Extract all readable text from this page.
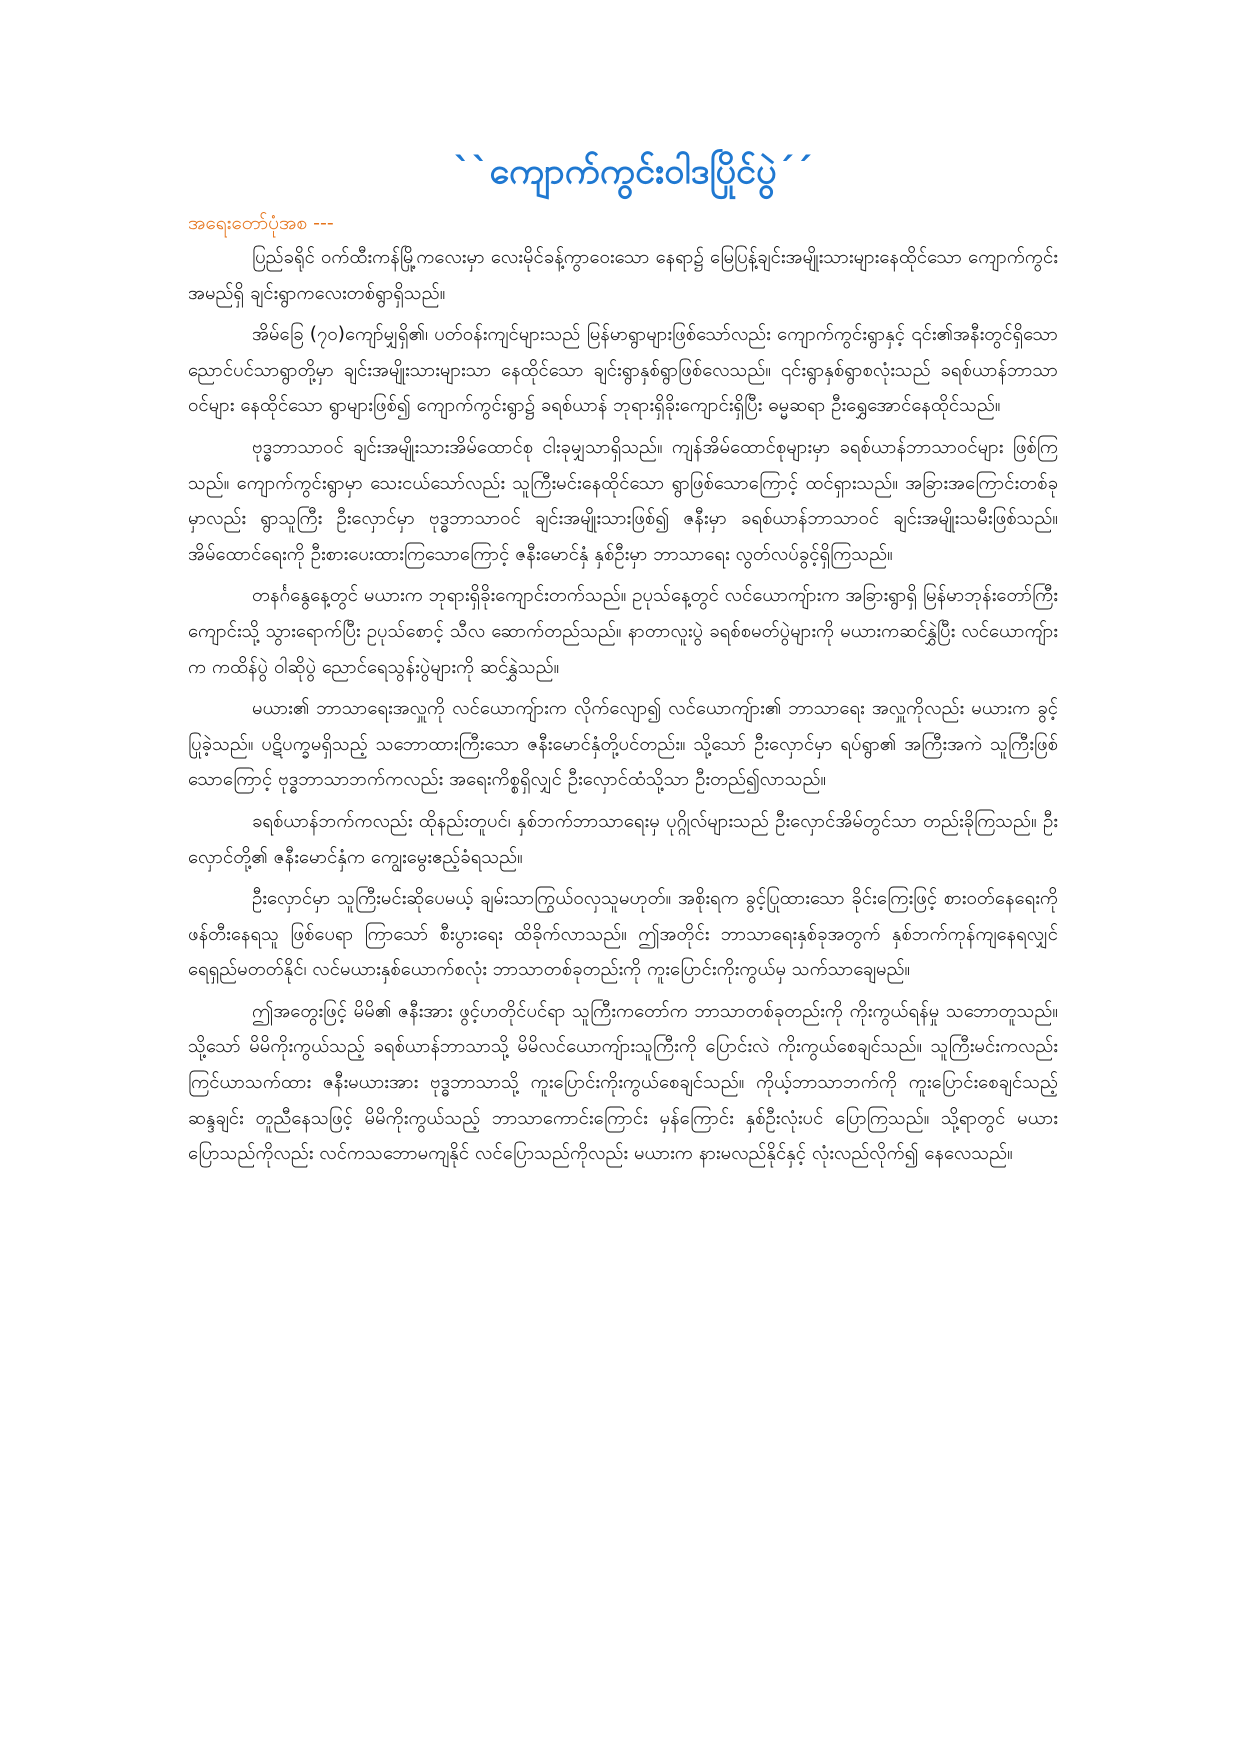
``ကျောက်ကွင်းဝါဒပြိုင်ပွဲ´´
အရေးတော်ပုံအစ ---

ပြည်ခရိုင် ဝက်ထီးကန်မြို့ကလေးမှာ လေးမိုင်ခန့်ကွာဝေးသော နေရာ၌ မြေပြန့်ချင်းအမျိုးသားများနေထိုင်သော ကျောက်ကွင်းအမည်ရှိ ချင်းရွာကလေးတစ်ရွာရှိသည်။

အိမ်ခြေ (၇၀)ကျော်မျှရှိ၏၊ ပတ်ဝန်းကျင်များသည် မြန်မာရွာများဖြစ်သော်လည်း ကျောက်ကွင်းရွာနှင့် ၎င်း၏အနီးတွင်ရှိသော ညောင်ပင်သာရွာတို့မှာ ချင်းအမျိုးသားများသာ နေထိုင်သော ချင်းရွာနှစ်ရွာဖြစ်လေသည်။ ၎င်းရွာနှစ်ရွာစလုံးသည် ခရစ်ယာန်ဘာသာဝင်များ နေထိုင်သော ရွာများဖြစ်၍ ကျောက်ကွင်းရွာ၌ ခရစ်ယာန် ဘုရားရှိခိုးကျောင်းရှိပြီး ဓမ္မဆရာ ဦးရွှေအောင်နေထိုင်သည်။

ဗုဒ္ဓဘာသာဝင် ချင်းအမျိုးသားအိမ်ထောင်စု ငါးခုမျှသာရှိသည်။ ကျန်အိမ်ထောင်စုများမှာ ခရစ်ယာန်ဘာသာဝင်များ ဖြစ်ကြသည်။ ကျောက်ကွင်းရွာမှာ သေးငယ်သော်လည်း သူကြီးမင်းနေထိုင်သော ရွာဖြစ်သောကြောင့် ထင်ရှားသည်။ အခြားအကြောင်းတစ်ခုမှာလည်း ရွာသူကြီး ဦးလှောင်မှာ ဗုဒ္ဓဘာသာဝင် ချင်းအမျိုးသားဖြစ်၍ ဇနီးမှာ ခရစ်ယာန်ဘာသာဝင် ချင်းအမျိုးသမီးဖြစ်သည်။ အိမ်ထောင်ရေးကို ဦးစားပေးထားကြသောကြောင့် ဇနီးမောင်နှံ နှစ်ဦးမှာ ဘာသာရေး လွတ်လပ်ခွင့်ရှိကြသည်။

တနင်္ဂနွေနေ့တွင် မယားက ဘုရားရှိခိုးကျောင်းတက်သည်။ ဥပုသ်နေ့တွင် လင်ယောကျ်ားက အခြားရွာရှိ မြန်မာဘုန်းတော်ကြီးကျောင်းသို့ သွားရောက်ပြီး ဥပုသ်စောင့် သီလ ဆောက်တည်သည်။ နာတာလူးပွဲ ခရစ်စမတ်ပွဲများကို မယားကဆင်နွှဲပြီး လင်ယောကျ်ားက ကထိန်ပွဲ ဝါဆိုပွဲ ညောင်ရေသွန်းပွဲများကို ဆင်နွှဲသည်။

မယား၏ ဘာသာရေးအလှူကို လင်ယောကျ်ားက လိုက်လျော၍ လင်ယောကျ်ား၏ ဘာသာရေး အလှူကိုလည်း မယားက ခွင့်ပြုခဲ့သည်။ ပဋိပက္ခမရှိသည့် သဘောထားကြီးသော ဇနီးမောင်နှံတို့ပင်တည်း။ သို့သော် ဦးလှောင်မှာ ရပ်ရွာ၏ အကြီးအကဲ သူကြီးဖြစ်သောကြောင့် ဗုဒ္ဓဘာသာဘက်ကလည်း အရေးကိစ္စရှိလျှင် ဦးလှောင်ထံသို့သာ ဦးတည်၍လာသည်။

ခရစ်ယာန်ဘက်ကလည်း ထိုနည်းတူပင်၊ နှစ်ဘက်ဘာသာရေးမှ ပုဂ္ဂိုလ်များသည် ဦးလှောင်အိမ်တွင်သာ တည်းခိုကြသည်။ ဦးလှောင်တို့၏ ဇနီးမောင်နှံက ကျွေးမွေးဧည့်ခံရသည်။

ဦးလှောင်မှာ သူကြီးမင်းဆိုပေမယ့် ချမ်းသာကြွယ်ဝလှသူမဟုတ်။ အစိုးရက ခွင့်ပြုထားသော ခိုင်းကြေးဖြင့် စားဝတ်နေရေးကို ဖန်တီးနေရသူ ဖြစ်ပေရာ ကြာသော် စီးပွားရေး ထိခိုက်လာသည်။ ဤအတိုင်း ဘာသာရေးနှစ်ခုအတွက် နှစ်ဘက်ကုန်ကျနေရလျှင် ရေရှည်မတတ်နိုင်၊ လင်မယားနှစ်ယောက်စလုံး ဘာသာတစ်ခုတည်းကို ကူးပြောင်းကိုးကွယ်မှ သက်သာချေမည်။

ဤအတွေးဖြင့် မိမိ၏ ဇနီးအား ဖွင့်ဟတိုင်ပင်ရာ သူကြီးကတော်က ဘာသာတစ်ခုတည်းကို ကိုးကွယ်ရန်မှု သဘောတူသည်။ သို့သော် မိမိကိုးကွယ်သည့် ခရစ်ယာန်ဘာသာသို့ မိမိလင်ယောကျ်ားသူကြီးကို ပြောင်းလဲ ကိုးကွယ်စေချင်သည်။ သူကြီးမင်းကလည်း ကြင်ယာသက်ထား ဇနီးမယားအား ဗုဒ္ဓဘာသာသို့ ကူးပြောင်းကိုးကွယ်စေချင်သည်။ ကိုယ့်ဘာသာဘက်ကို ကူးပြောင်းစေချင်သည့် ဆန္ဒချင်း တူညီနေသဖြင့် မိမိကိုးကွယ်သည့် ဘာသာကောင်းကြောင်း မှန်ကြောင်း နှစ်ဦးလုံးပင် ပြောကြသည်။ သို့ရာတွင် မယားပြောသည်ကိုလည်း လင်ကသဘောမကျနိုင် လင်ပြောသည်ကိုလည်း မယားက နားမလည်နိုင်နှင့် လုံးလည်လိုက်၍ နေလေသည်။
